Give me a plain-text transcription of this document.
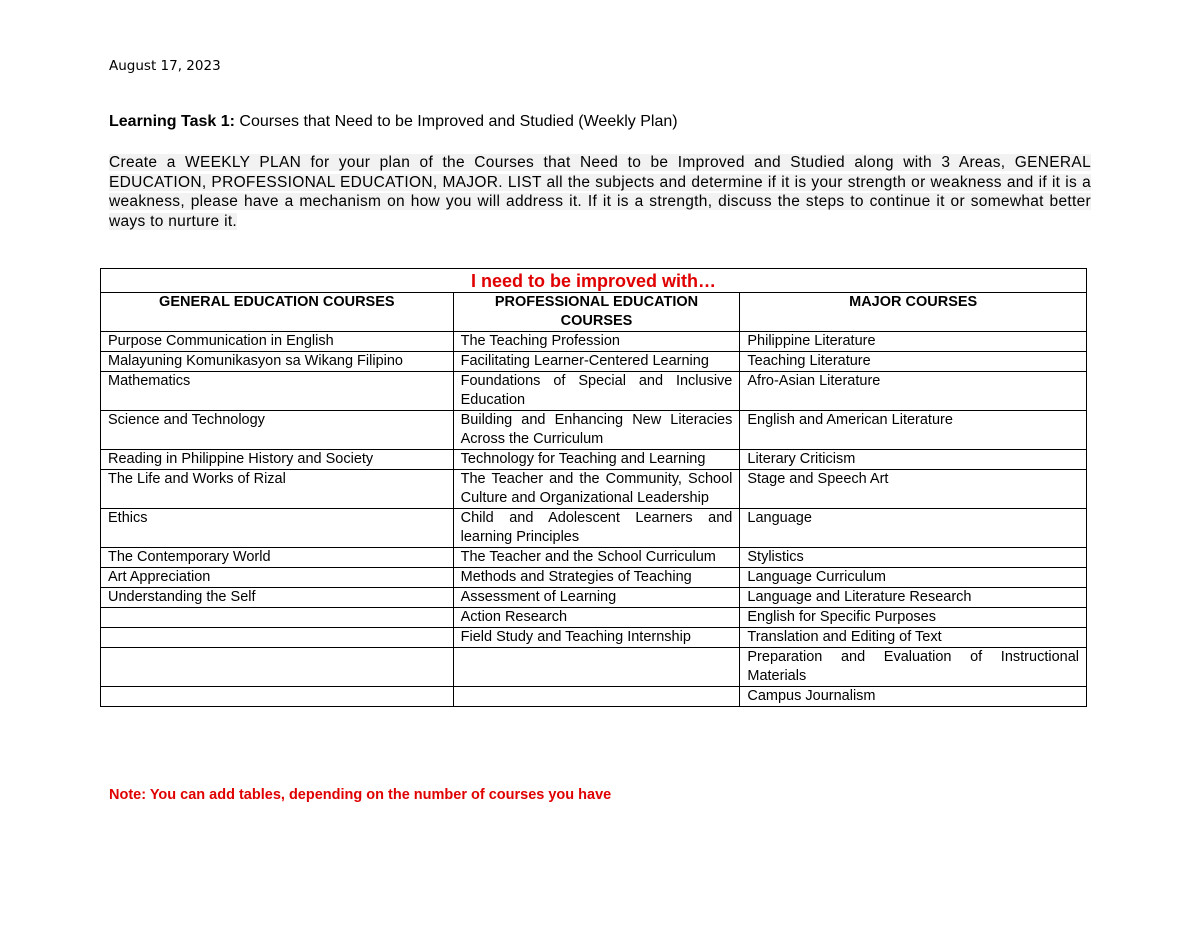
August 17, 2023
Learning Task 1: Courses that Need to be Improved and Studied (Weekly Plan)
Create a WEEKLY PLAN for your plan of the Courses that Need to be Improved and Studied along with 3 Areas, GENERAL EDUCATION, PROFESSIONAL EDUCATION, MAJOR. LIST all the subjects and determine if it is your strength or weakness and if it is a weakness, please have a mechanism on how you will address it. If it is a strength, discuss the steps to continue it or somewhat better ways to nurture it.
I need to be improved with…		
GENERAL EDUCATION COURSES	PROFESSIONAL EDUCATION COURSES	MAJOR COURSES
Purpose Communication in English	The Teaching Profession	Philippine Literature
Malayuning Komunikasyon sa Wikang Filipino	Facilitating Learner-Centered Learning	Teaching Literature
Mathematics	Foundations of Special and Inclusive Education	Afro-Asian Literature
Science and Technology	Building and Enhancing New Literacies Across the Curriculum	English and American Literature
Reading in Philippine History and Society	Technology for Teaching and Learning	Literary Criticism
The Life and Works of Rizal	The Teacher and the Community, School Culture and Organizational Leadership	Stage and Speech Art
Ethics	Child and Adolescent Learners and learning Principles	Language
The Contemporary World	The Teacher and the School Curriculum	Stylistics
Art Appreciation	Methods and Strategies of Teaching	Language Curriculum
Understanding the Self	Assessment of Learning	Language and Literature Research
	Action Research	English for Specific Purposes
	Field Study and Teaching Internship	Translation and Editing of Text
		Preparation and Evaluation of Instructional Materials
		Campus Journalism
Note: You can add tables, depending on the number of courses you have
